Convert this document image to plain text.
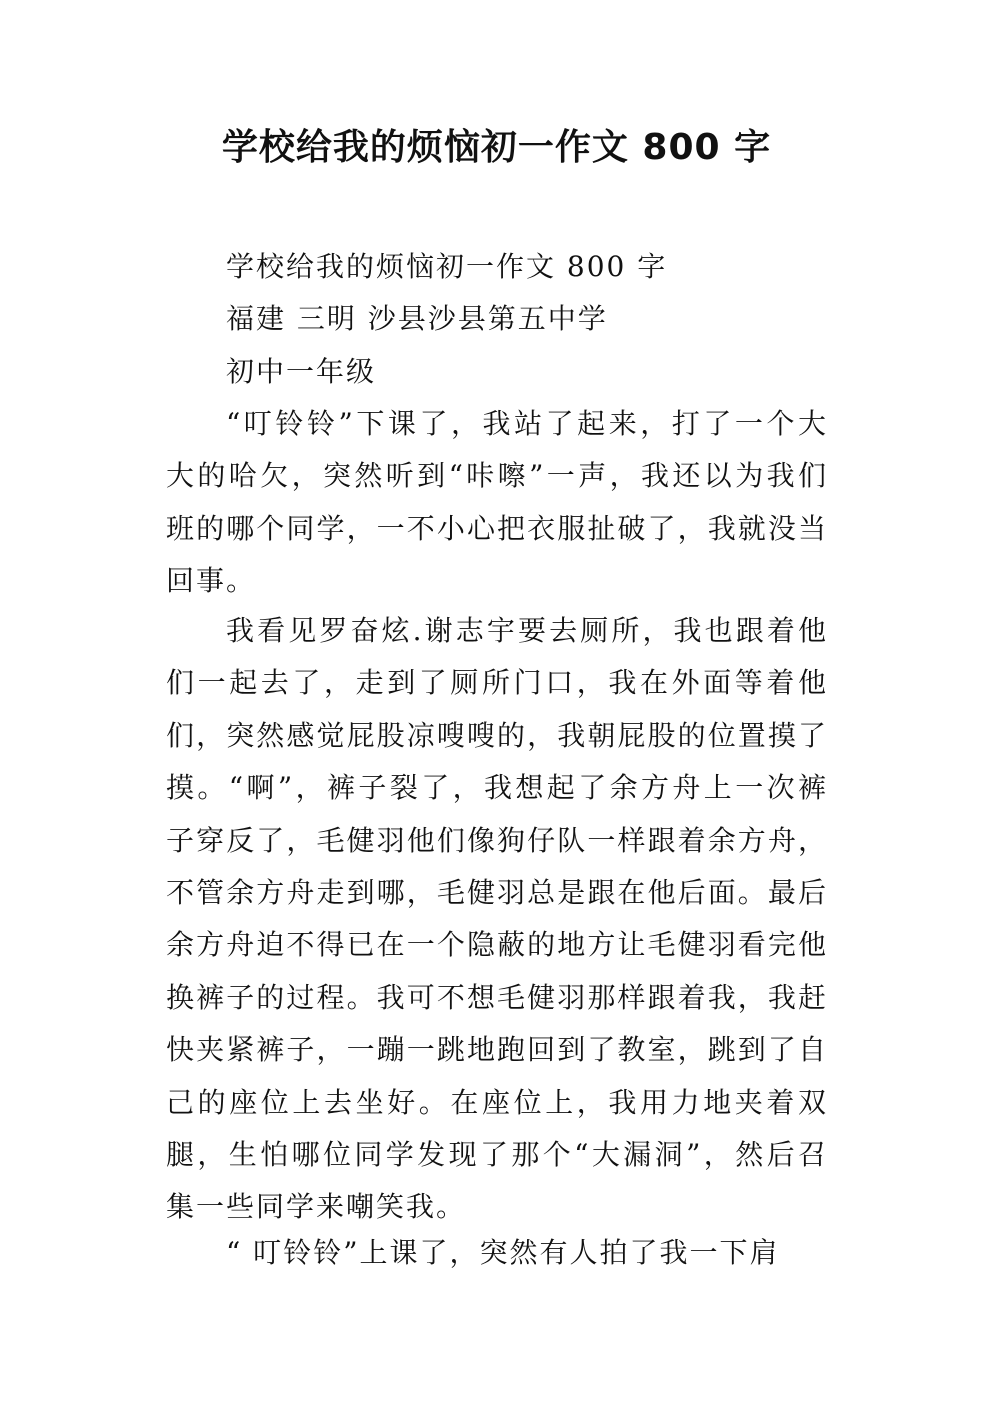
学校给我的烦恼初一作文 800 字
学校给我的烦恼初一作文 800 字
福建 三明 沙县沙县第五中学
初中一年级

“叮铃铃”下课了，我站了起来，打了一个大大的哈欠，突然听到“咔嚓”一声，我还以为我们班的哪个同学，一不小心把衣服扯破了，我就没当回事。

我看见罗奋炫.谢志宇要去厕所，我也跟着他们一起去了，走到了厕所门口，我在外面等着他们，突然感觉屁股凉嗖嗖的，我朝屁股的位置摸了摸。“啊”，裤子裂了，我想起了余方舟上一次裤子穿反了，毛健羽他们像狗仔队一样跟着余方舟，不管余方舟走到哪，毛健羽总是跟在他后面。最后余方舟迫不得已在一个隐蔽的地方让毛健羽看完他换裤子的过程。我可不想毛健羽那样跟着我，我赶快夹紧裤子，一蹦一跳地跑回到了教室，跳到了自己的座位上去坐好。在座位上，我用力地夹着双腿，生怕哪位同学发现了那个“大漏洞”，然后召集一些同学来嘲笑我。

“ 叮铃铃”上课了，突然有人拍了我一下肩
